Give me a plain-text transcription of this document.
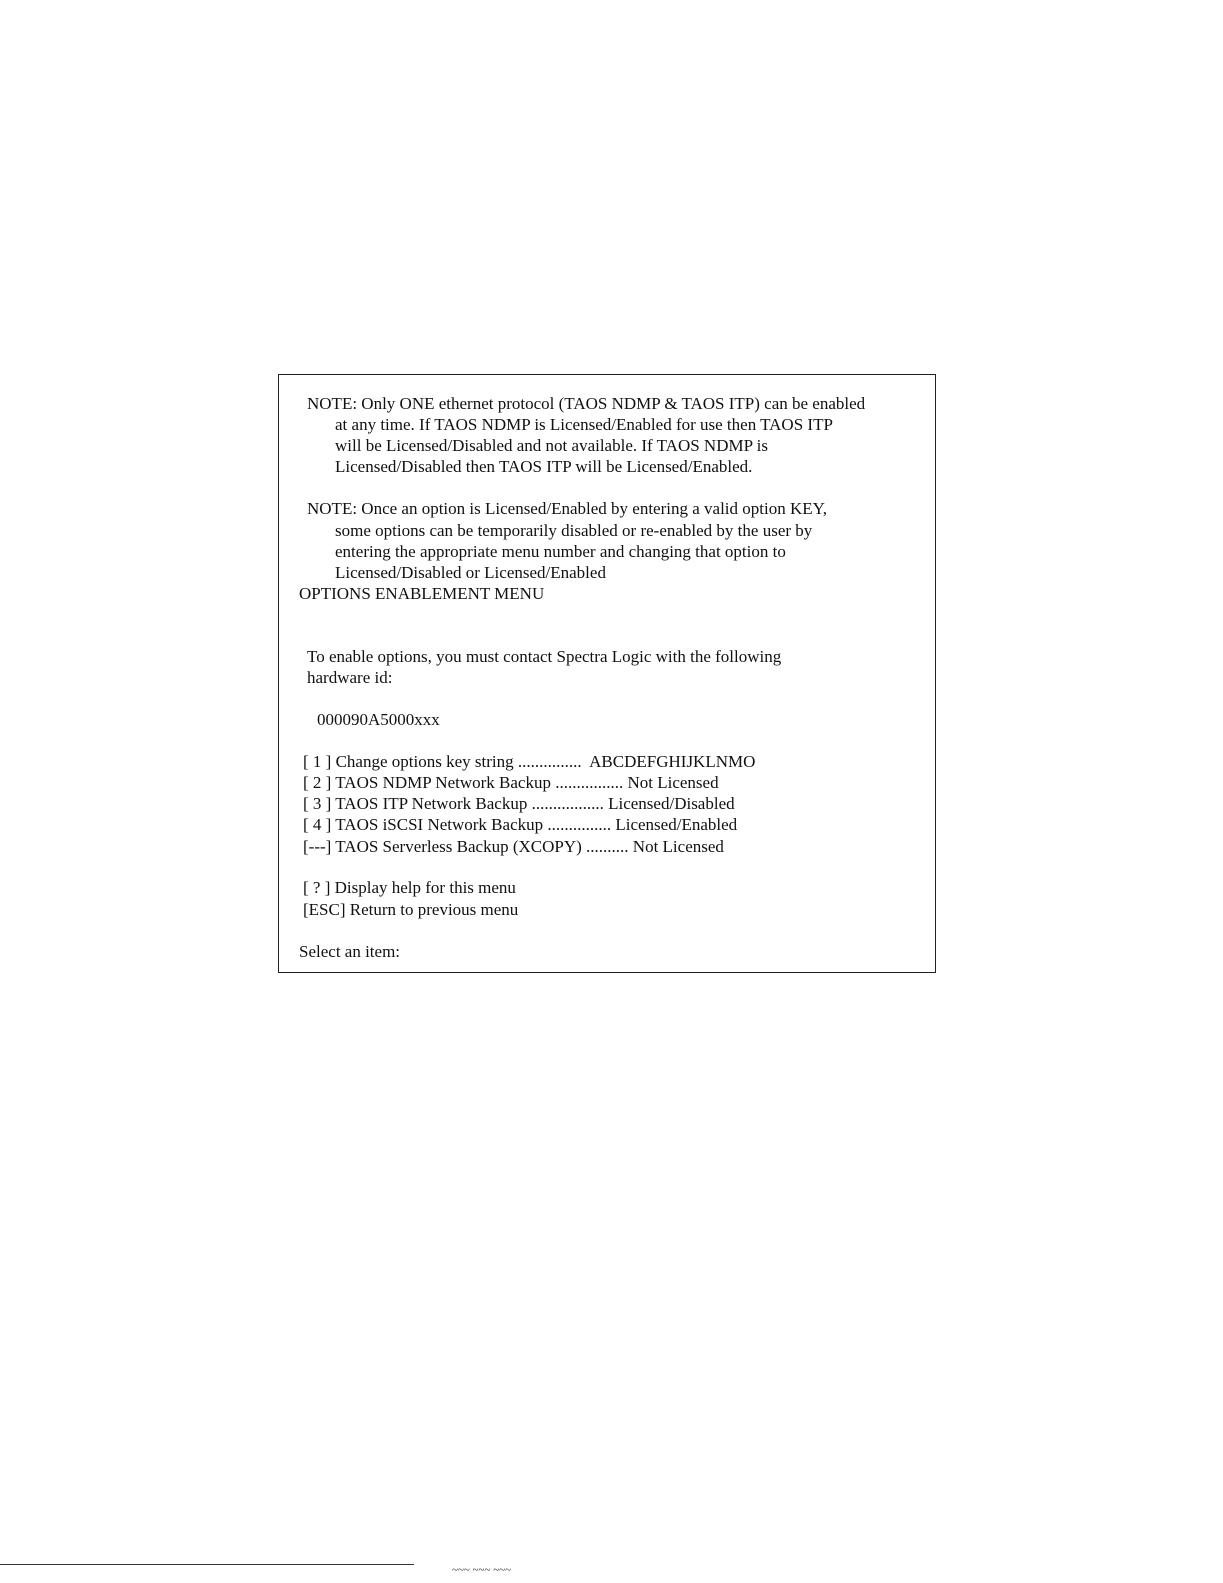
NOTE: Only ONE ethernet protocol (TAOS NDMP & TAOS ITP) can be enabled
at any time. If TAOS NDMP is Licensed/Enabled for use then TAOS ITP
will be Licensed/Disabled and not available. If TAOS NDMP is
Licensed/Disabled then TAOS ITP will be Licensed/Enabled.
NOTE: Once an option is Licensed/Enabled by entering a valid option KEY,
some options can be temporarily disabled or re-enabled by the user by
entering the appropriate menu number and changing that option to
Licensed/Disabled or Licensed/Enabled
OPTIONS ENABLEMENT MENU
To enable options, you must contact Spectra Logic with the following
hardware id:
000090A5000xxx
[ 1 ] Change options key string ............... ABCDEFGHIJKLNMO
[ 2 ] TAOS NDMP Network Backup ................ Not Licensed
[ 3 ] TAOS ITP Network Backup ................. Licensed/Disabled
[ 4 ] TAOS iSCSI Network Backup ............... Licensed/Enabled
[---] TAOS Serverless Backup (XCOPY) .......... Not Licensed
[ ? ] Display help for this menu
[ESC] Return to previous menu
Select an item:
~~~ ~~~ ~~~
